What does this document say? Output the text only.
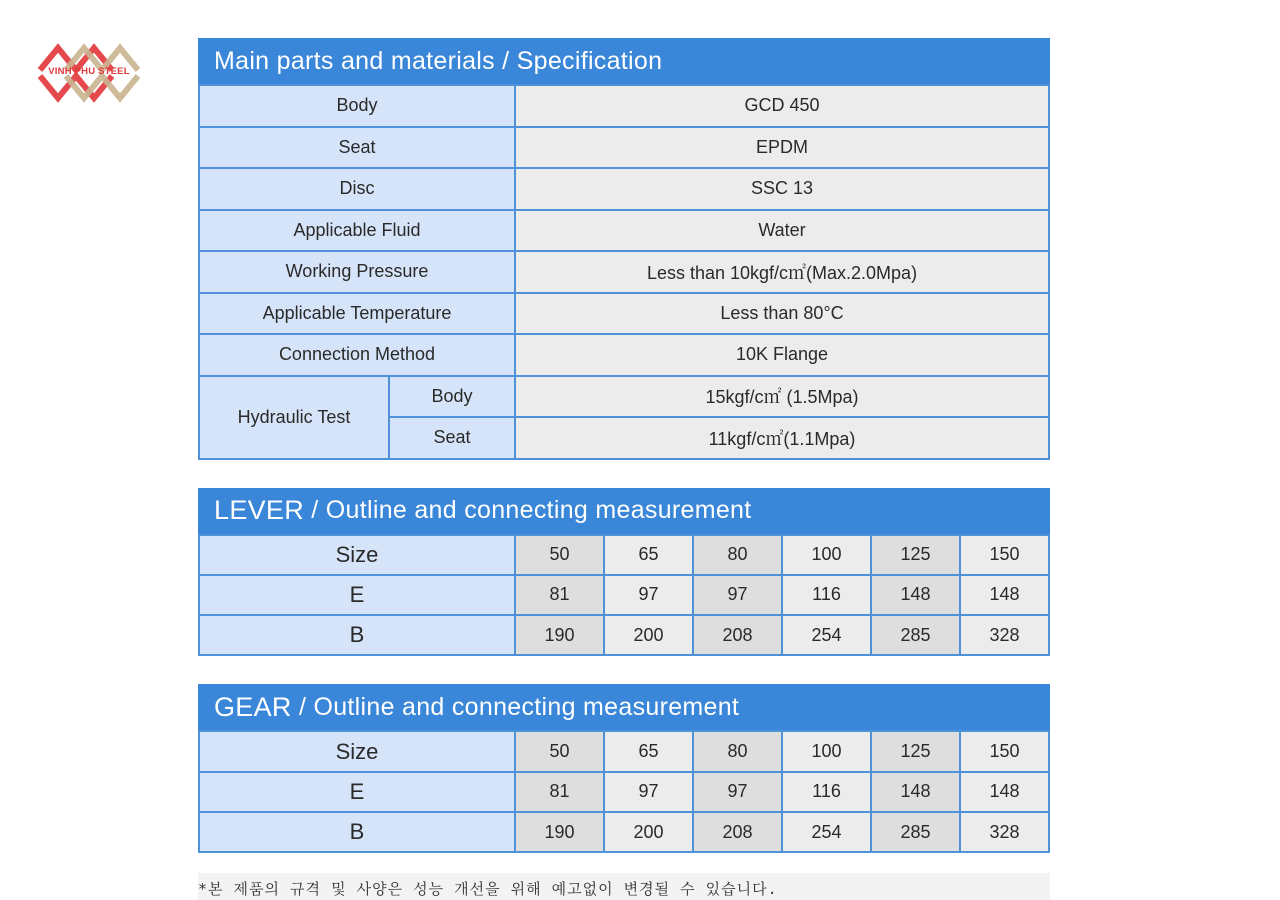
VINH PHU STEEL	Main parts and materials / Specification
Body		GCD 450
Seat		EPDM
Disc		SSC 13
Applicable Fluid		Water
Working Pressure		Less than 10kgf/c㎡(Max.2.0Mpa)
Applicable Temperature		Less than 80°C
Connection Method		10K Flange
Hydraulic Test	Body	15kgf/c㎡ (1.5Mpa)
	Seat	11kgf/c㎡(1.1Mpa)
LEVER / Outline and connecting measurement
Size	50	65	80	100	125	150
E	81	97	97	116	148	148
B	190	200	208	254	285	328
GEAR / Outline and connecting measurement
Size	50	65	80	100	125	150
E	81	97	97	116	148	148
B	190	200	208	254	285	328
*본 제품의 규격 및 사양은 성능 개선을 위해 예고없이 변경될 수 있습니다.
